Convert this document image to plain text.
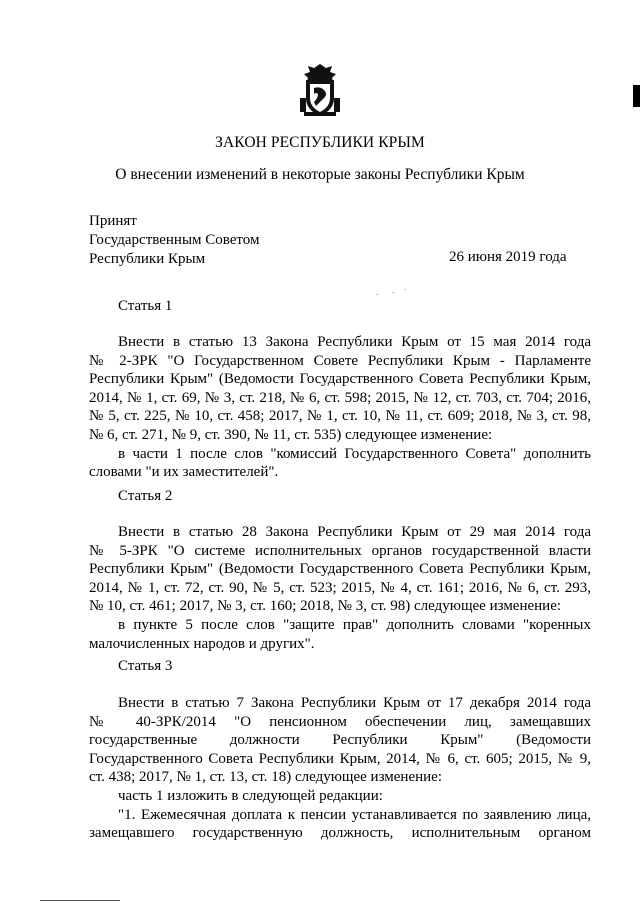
ЗАКОН РЕСПУБЛИКИ КРЫМ
О внесении изменений в некоторые законы Республики Крым
Принят
Государственным Советом
Республики Крым	26 июня 2019 года
Статья 1
Внести в статью 13 Закона Республики Крым от 15 мая 2014 года
№ 2-ЗРК "О Государственном Совете Республики Крым - Парламенте
Республики Крым" (Ведомости Государственного Совета Республики Крым,
2014, № 1, ст. 69, № 3, ст. 218, № 6, ст. 598; 2015, № 12, ст. 703, ст. 704; 2016,
№ 5, ст. 225, № 10, ст. 458; 2017, № 1, ст. 10, № 11, ст. 609; 2018, № 3, ст. 98,
№ 6, ст. 271, № 9, ст. 390, № 11, ст. 535) следующее изменение:
в части 1 после слов "комиссий Государственного Совета" дополнить
словами "и их заместителей".
Статья 2
Внести в статью 28 Закона Республики Крым от 29 мая 2014 года
№ 5-ЗРК "О системе исполнительных органов государственной власти
Республики Крым" (Ведомости Государственного Совета Республики Крым,
2014, № 1, ст. 72, ст. 90, № 5, ст. 523; 2015, № 4, ст. 161; 2016, № 6, ст. 293,
№ 10, ст. 461; 2017, № 3, ст. 160; 2018, № 3, ст. 98) следующее изменение:
в пункте 5 после слов "защите прав" дополнить словами "коренных
малочисленных народов и других".
Статья 3
Внести в статью 7 Закона Республики Крым от 17 декабря 2014 года
№ 40-ЗРК/2014 "О пенсионном обеспечении лиц, замещавших
государственные должности Республики Крым" (Ведомости
Государственного Совета Республики Крым, 2014, № 6, ст. 605; 2015, № 9,
ст. 438; 2017, № 1, ст. 13, ст. 18) следующее изменение:
часть 1 изложить в следующей редакции:
"1. Ежемесячная доплата к пенсии устанавливается по заявлению лица,
замещавшего государственную должность, исполнительным органом
